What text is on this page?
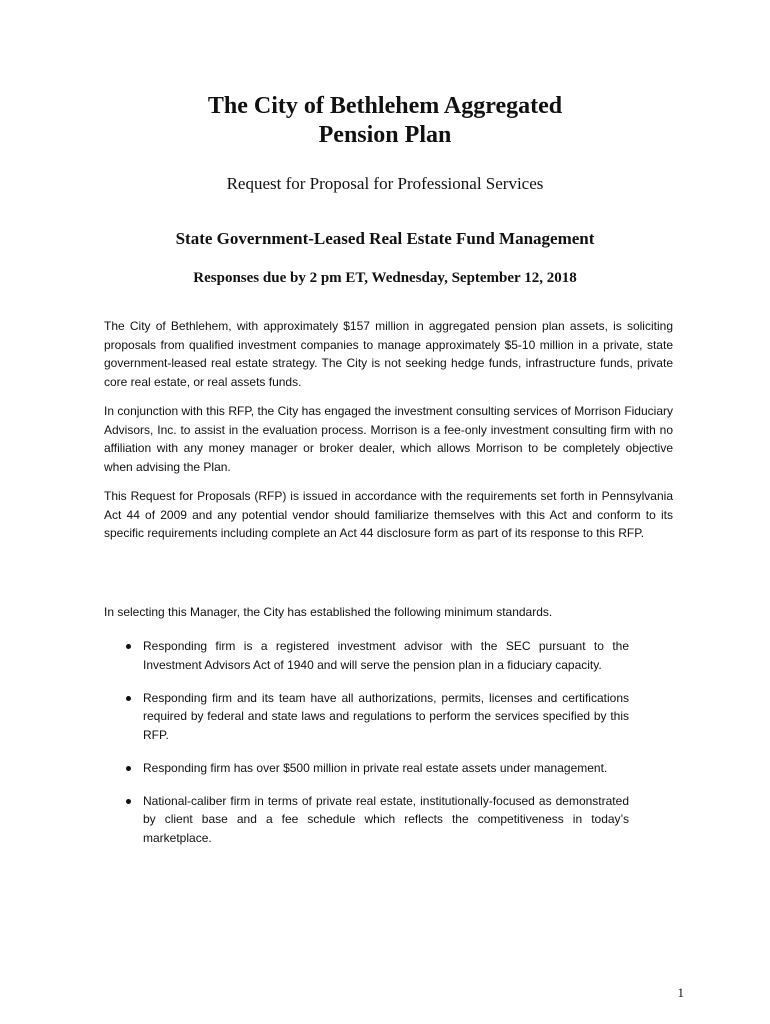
The City of Bethlehem Aggregated
Pension Plan
Request for Proposal for Professional Services
State Government-Leased Real Estate Fund Management
Responses due by 2 pm ET, Wednesday, September 12, 2018

The City of Bethlehem, with approximately $157 million in aggregated pension plan assets, is soliciting proposals from qualified investment companies to manage approximately $5-10 million in a private, state government-leased real estate strategy. The City is not seeking hedge funds, infrastructure funds, private core real estate, or real assets funds.

In conjunction with this RFP, the City has engaged the investment consulting services of Morrison Fiduciary Advisors, Inc. to assist in the evaluation process. Morrison is a fee-only investment consulting firm with no affiliation with any money manager or broker dealer, which allows Morrison to be completely objective when advising the Plan.

This Request for Proposals (RFP) is issued in accordance with the requirements set forth in Pennsylvania Act 44 of 2009 and any potential vendor should familiarize themselves with this Act and conform to its specific requirements including complete an Act 44 disclosure form as part of its response to this RFP.

In selecting this Manager, the City has established the following minimum standards.

Responding firm is a registered investment advisor with the SEC pursuant to the Investment Advisors Act of 1940 and will serve the pension plan in a fiduciary capacity.
Responding firm and its team have all authorizations, permits, licenses and certifications required by federal and state laws and regulations to perform the services specified by this RFP.
Responding firm has over $500 million in private real estate assets under management.
National-caliber firm in terms of private real estate, institutionally-focused as demonstrated by client base and a fee schedule which reflects the competitiveness in today’s marketplace.
1
